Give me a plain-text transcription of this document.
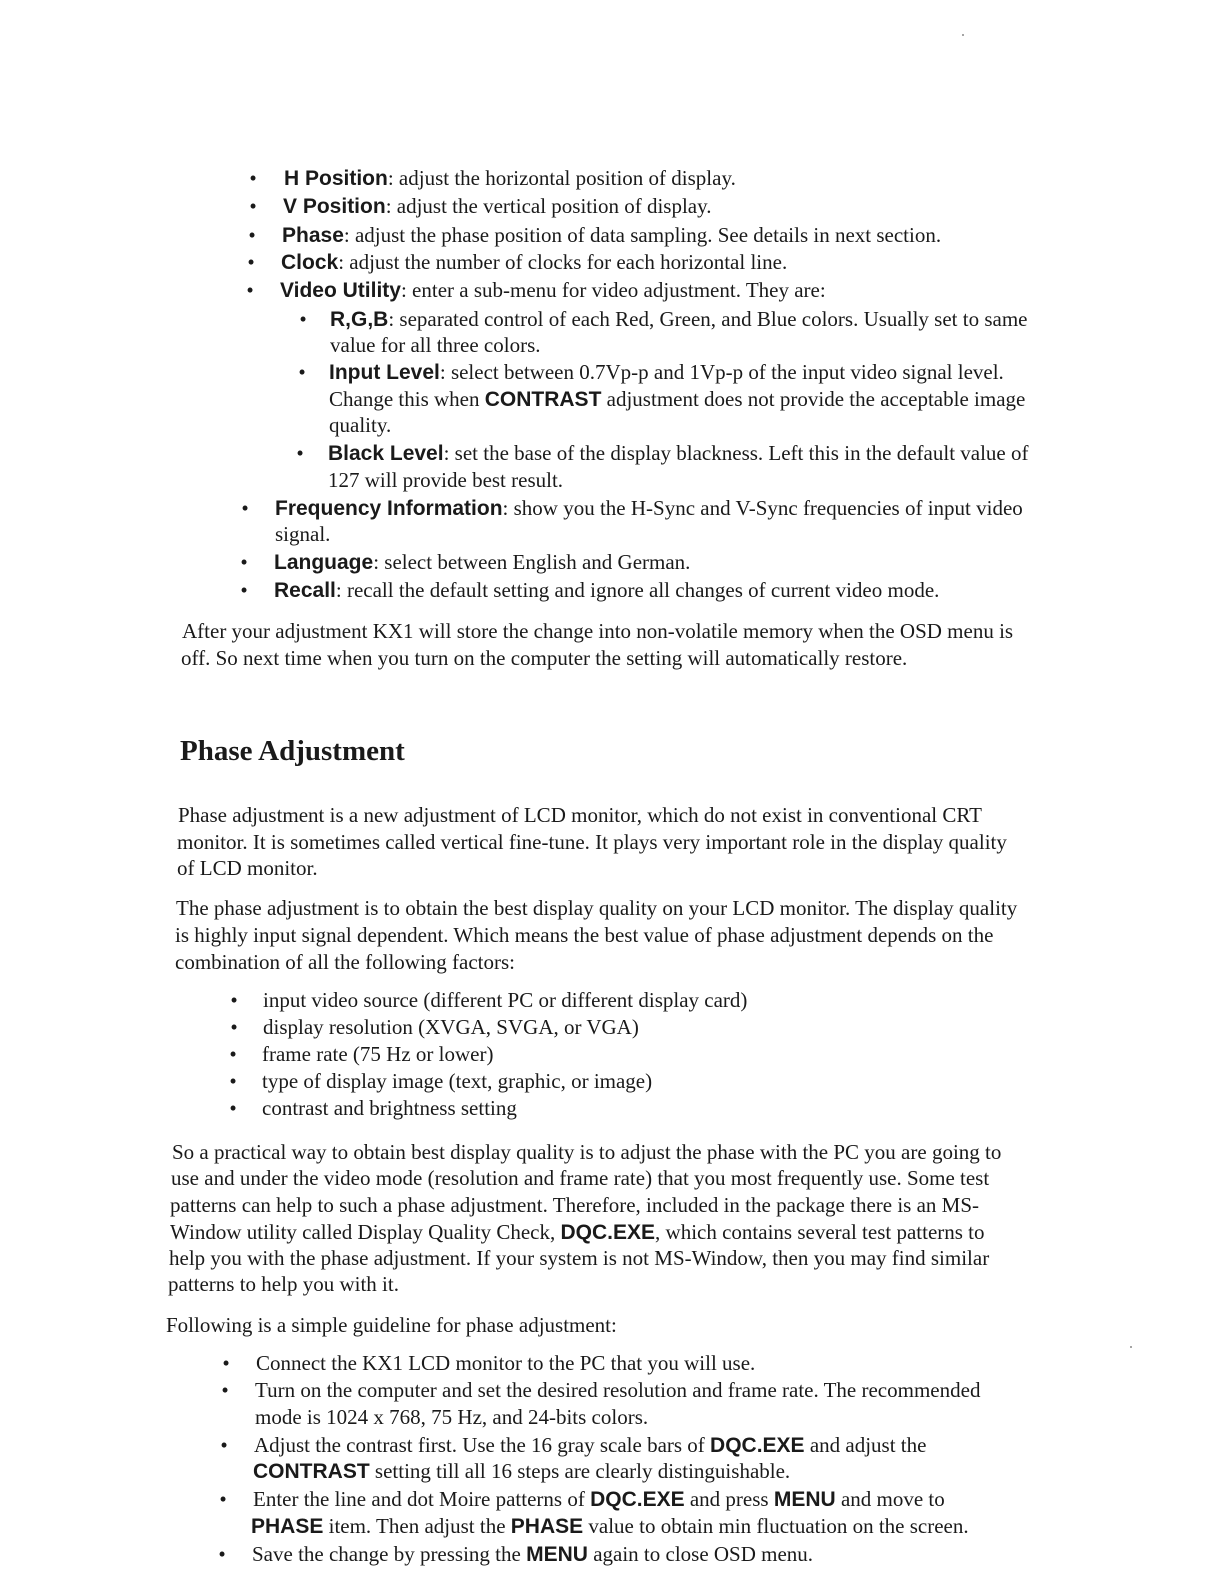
• H Position: adjust the horizontal position of display.
• V Position: adjust the vertical position of display.
• Phase: adjust the phase position of data sampling. See details in next section.
• Clock: adjust the number of clocks for each horizontal line.
• Video Utility: enter a sub-menu for video adjustment. They are:
• R,G,B: separated control of each Red, Green, and Blue colors. Usually set to same
value for all three colors.
• Input Level: select between 0.7Vp-p and 1Vp-p of the input video signal level.
Change this when CONTRAST adjustment does not provide the acceptable image
quality.
• Black Level: set the base of the display blackness. Left this in the default value of
127 will provide best result.
• Frequency Information: show you the H-Sync and V-Sync frequencies of input video
signal.
• Language: select between English and German.
• Recall: recall the default setting and ignore all changes of current video mode.
After your adjustment KX1 will store the change into non-volatile memory when the OSD menu is
off. So next time when you turn on the computer the setting will automatically restore.
Phase Adjustment
Phase adjustment is a new adjustment of LCD monitor, which do not exist in conventional CRT
monitor. It is sometimes called vertical fine-tune. It plays very important role in the display quality
of LCD monitor.
The phase adjustment is to obtain the best display quality on your LCD monitor. The display quality
is highly input signal dependent. Which means the best value of phase adjustment depends on the
combination of all the following factors:
• input video source (different PC or different display card)
• display resolution (XVGA, SVGA, or VGA)
• frame rate (75 Hz or lower)
• type of display image (text, graphic, or image)
• contrast and brightness setting
So a practical way to obtain best display quality is to adjust the phase with the PC you are going to
use and under the video mode (resolution and frame rate) that you most frequently use. Some test
patterns can help to such a phase adjustment. Therefore, included in the package there is an MS-
Window utility called Display Quality Check, DQC.EXE, which contains several test patterns to
help you with the phase adjustment. If your system is not MS-Window, then you may find similar
patterns to help you with it.
Following is a simple guideline for phase adjustment:
• Connect the KX1 LCD monitor to the PC that you will use.
• Turn on the computer and set the desired resolution and frame rate. The recommended
mode is 1024 x 768, 75 Hz, and 24-bits colors.
• Adjust the contrast first. Use the 16 gray scale bars of DQC.EXE and adjust the
CONTRAST setting till all 16 steps are clearly distinguishable.
• Enter the line and dot Moire patterns of DQC.EXE and press MENU and move to
PHASE item. Then adjust the PHASE value to obtain min fluctuation on the screen.
• Save the change by pressing the MENU again to close OSD menu.
